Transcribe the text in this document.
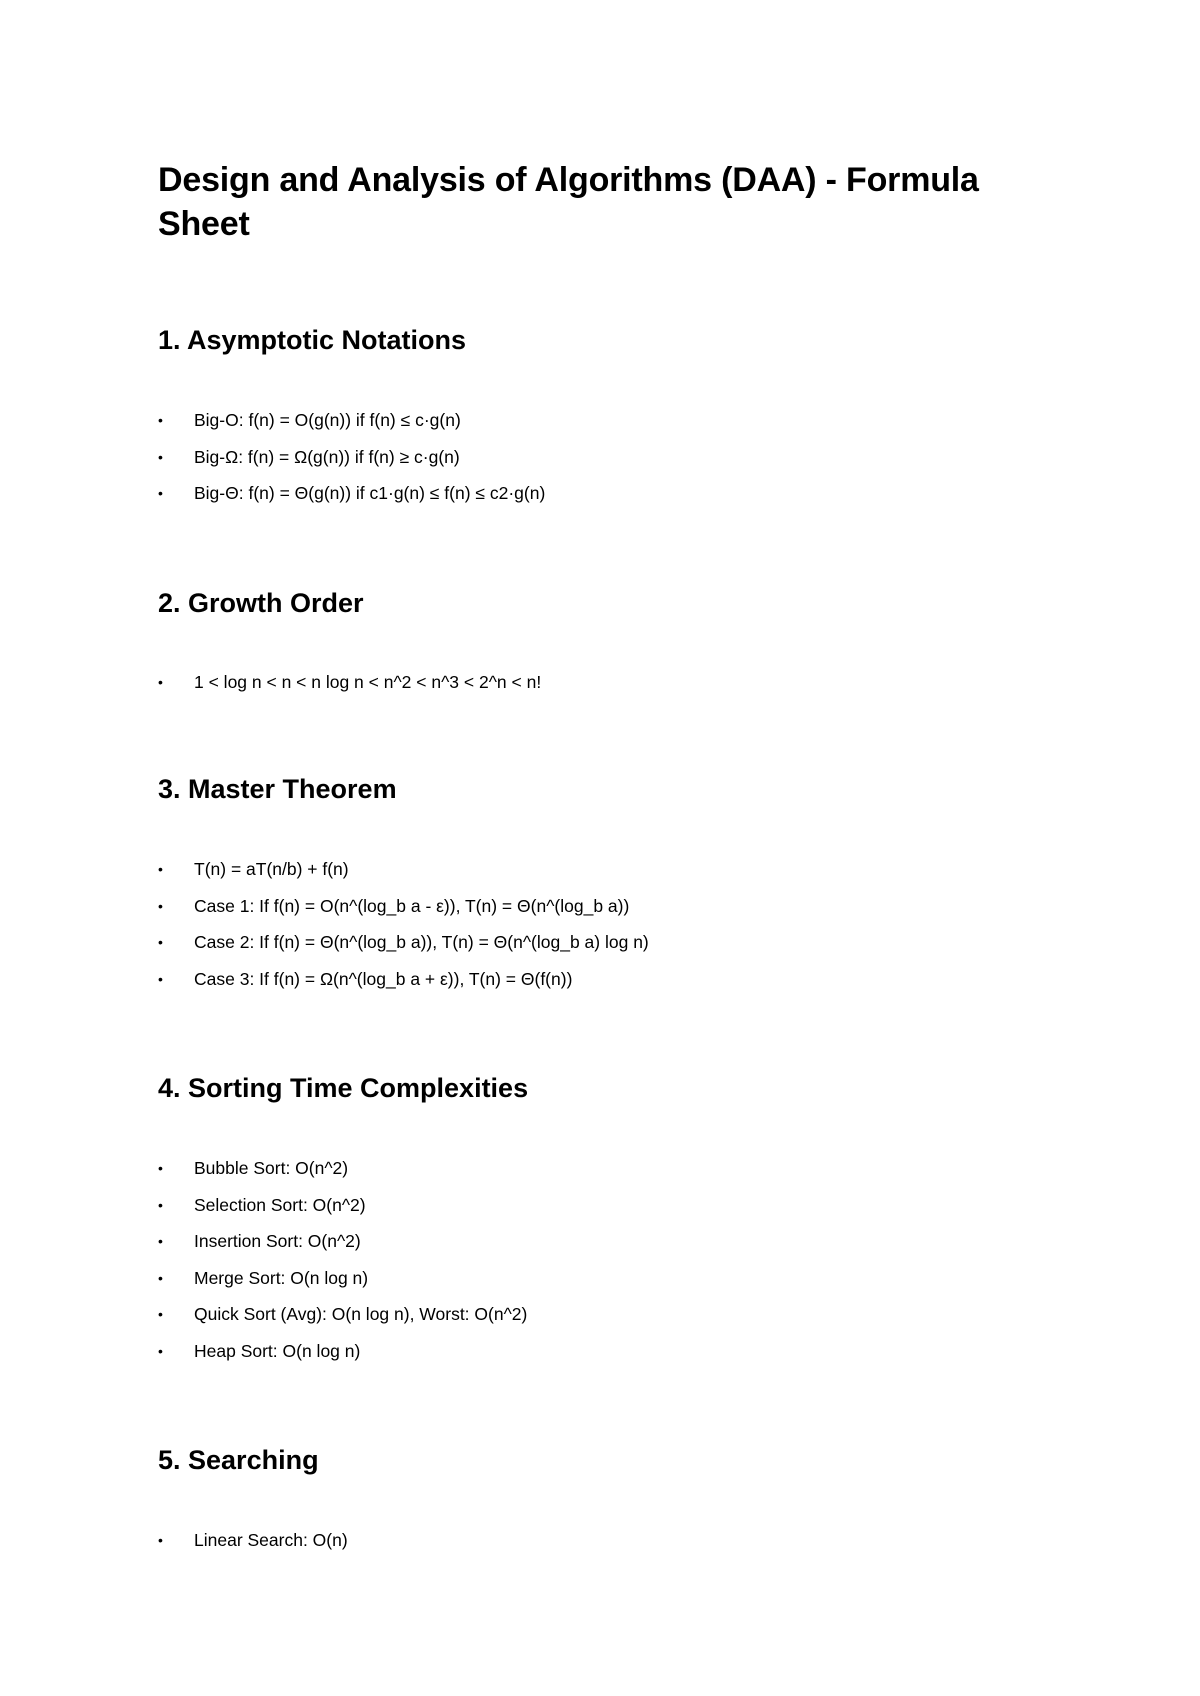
Design and Analysis of Algorithms (DAA) - Formula Sheet
1. Asymptotic Notations
•	Big-O: f(n) = O(g(n)) if f(n) ≤ c·g(n)
•	Big-Ω: f(n) = Ω(g(n)) if f(n) ≥ c·g(n)
•	Big-Θ: f(n) = Θ(g(n)) if c1·g(n) ≤ f(n) ≤ c2·g(n)
2. Growth Order
•	1 < log n < n < n log n < n^2 < n^3 < 2^n < n!
3. Master Theorem
•	T(n) = aT(n/b) + f(n)
•	Case 1: If f(n) = O(n^(log_b a - ε)), T(n) = Θ(n^(log_b a))
•	Case 2: If f(n) = Θ(n^(log_b a)), T(n) = Θ(n^(log_b a) log n)
•	Case 3: If f(n) = Ω(n^(log_b a + ε)), T(n) = Θ(f(n))
4. Sorting Time Complexities
•	Bubble Sort: O(n^2)
•	Selection Sort: O(n^2)
•	Insertion Sort: O(n^2)
•	Merge Sort: O(n log n)
•	Quick Sort (Avg): O(n log n), Worst: O(n^2)
•	Heap Sort: O(n log n)
5. Searching
•	Linear Search: O(n)
